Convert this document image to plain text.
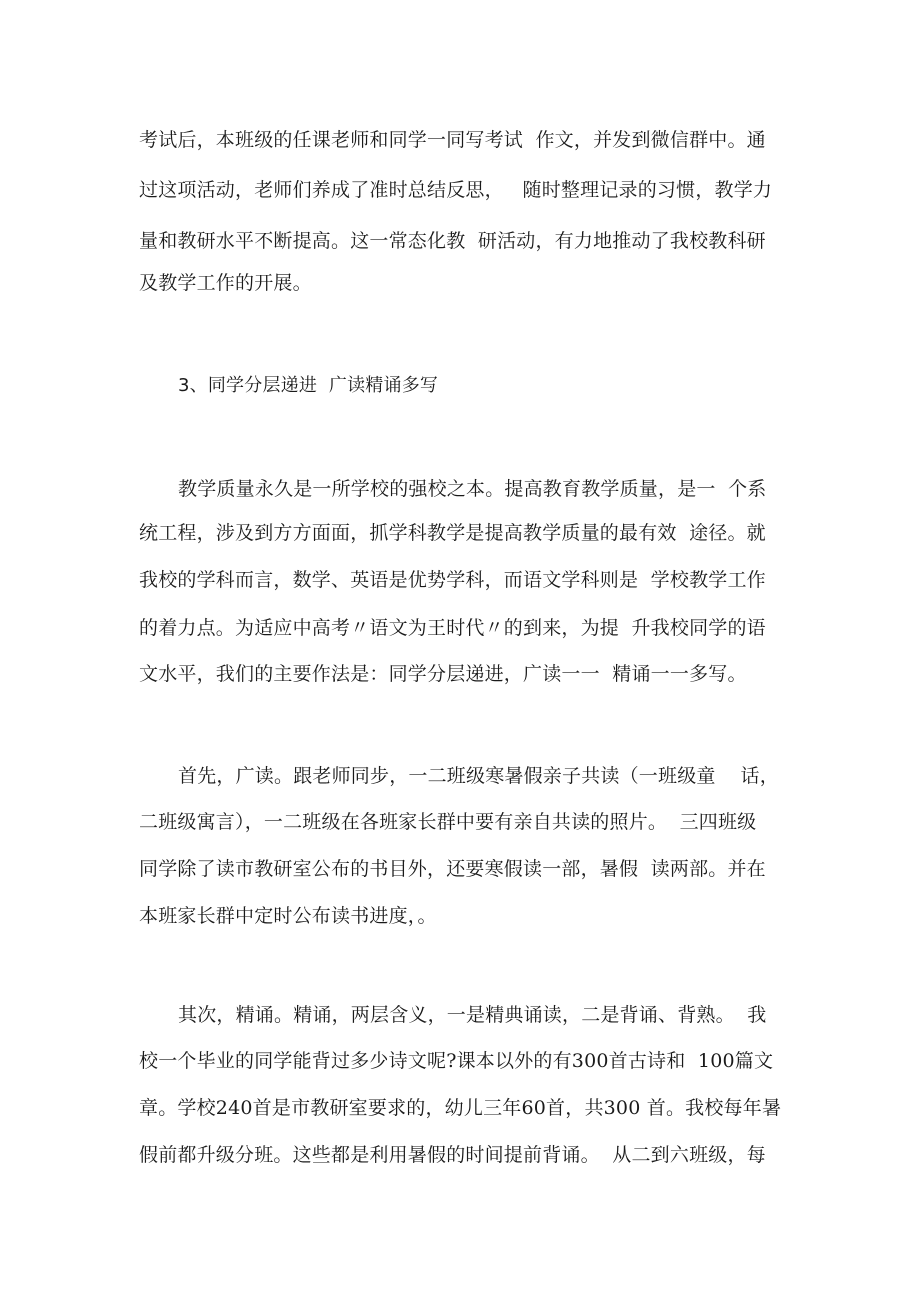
考试后，本班级的任课老师和同学一同写考试  作文，并发到微信群中。通
过这项活动，老师们养成了准时总结反思，   随时整理记录的习惯，教学力
量和教研水平不断提高。这一常态化教  研活动，有力地推动了我校教科研
及教学工作的开展。
3、同学分层递进  广读精诵多写
教学质量永久是一所学校的强校之本。提高教育教学质量，是一  个系
统工程，涉及到方方面面，抓学科教学是提高教学质量的最有效  途径。就
我校的学科而言，数学、英语是优势学科，而语文学科则是  学校教学工作
的着力点。为适应中高考〃语文为王时代〃的到来，为提  升我校同学的语
文水平，我们的主要作法是：同学分层递进，广读一一  精诵一一多写。
首先，广读。跟老师同步，一二班级寒暑假亲子共读（一班级童    话，
二班级寓言），一二班级在各班家长群中要有亲自共读的照片。  三四班级
同学除了读市教研室公布的书目外，还要寒假读一部，暑假  读两部。并在
本班家长群中定时公布读书进度，。
其次，精诵。精诵，两层含义，一是精典诵读，二是背诵、背熟。  我
校一个毕业的同学能背过多少诗文呢?课本以外的有300首古诗和  100篇文
章。学校240首是市教研室要求的，幼儿三年60首，共300 首。我校每年暑
假前都升级分班。这些都是利用暑假的时间提前背诵。  从二到六班级，每
